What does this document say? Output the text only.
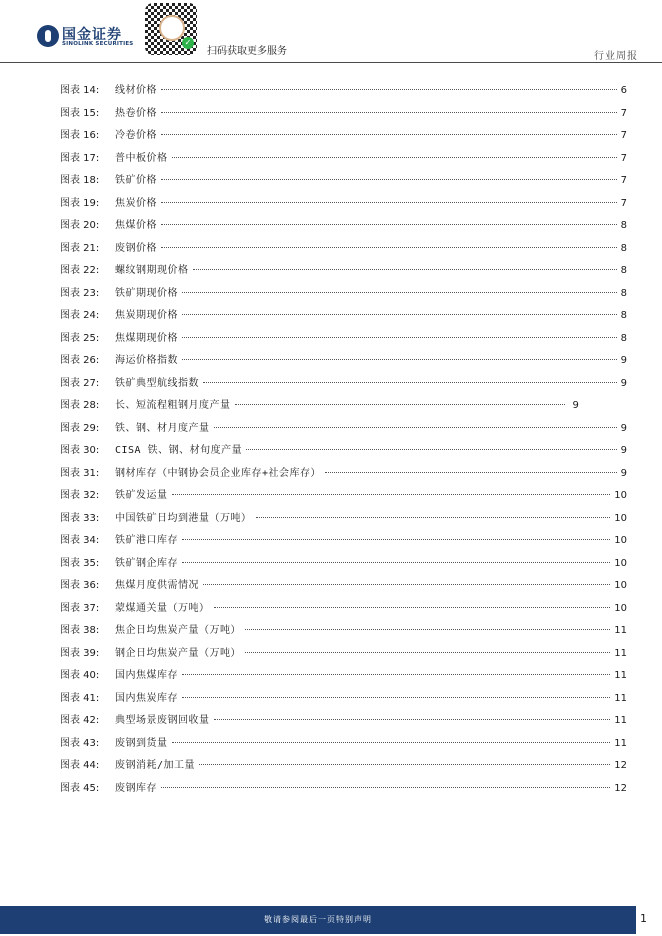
国金证券
SINOLINK SECURITIES	✓
扫码获取更多服务	行业周报
图表 14:	线材价格	6
图表 15:	热卷价格	7
图表 16:	冷卷价格	7
图表 17:	普中板价格	7
图表 18:	铁矿价格	7
图表 19:	焦炭价格	7
图表 20:	焦煤价格	8
图表 21:	废钢价格	8
图表 22:	螺纹钢期现价格	8
图表 23:	铁矿期现价格	8
图表 24:	焦炭期现价格	8
图表 25:	焦煤期现价格	8
图表 26:	海运价格指数	9
图表 27:	铁矿典型航线指数	9
图表 28:	长、短流程粗钢月度产量	9
图表 29:	铁、钢、材月度产量	9
图表 30:	CISA 铁、钢、材旬度产量	9
图表 31:	钢材库存（中钢协会员企业库存+社会库存）	9
图表 32:	铁矿发运量	10
图表 33:	中国铁矿日均到港量（万吨）	10
图表 34:	铁矿港口库存	10
图表 35:	铁矿钢企库存	10
图表 36:	焦煤月度供需情况	10
图表 37:	蒙煤通关量（万吨）	10
图表 38:	焦企日均焦炭产量（万吨）	11
图表 39:	钢企日均焦炭产量（万吨）	11
图表 40:	国内焦煤库存	11
图表 41:	国内焦炭库存	11
图表 42:	典型场景废钢回收量	11
图表 43:	废钢到货量	11
图表 44:	废钢消耗/加工量	12
图表 45:	废钢库存	12
敬请参阅最后一页特别声明	1
